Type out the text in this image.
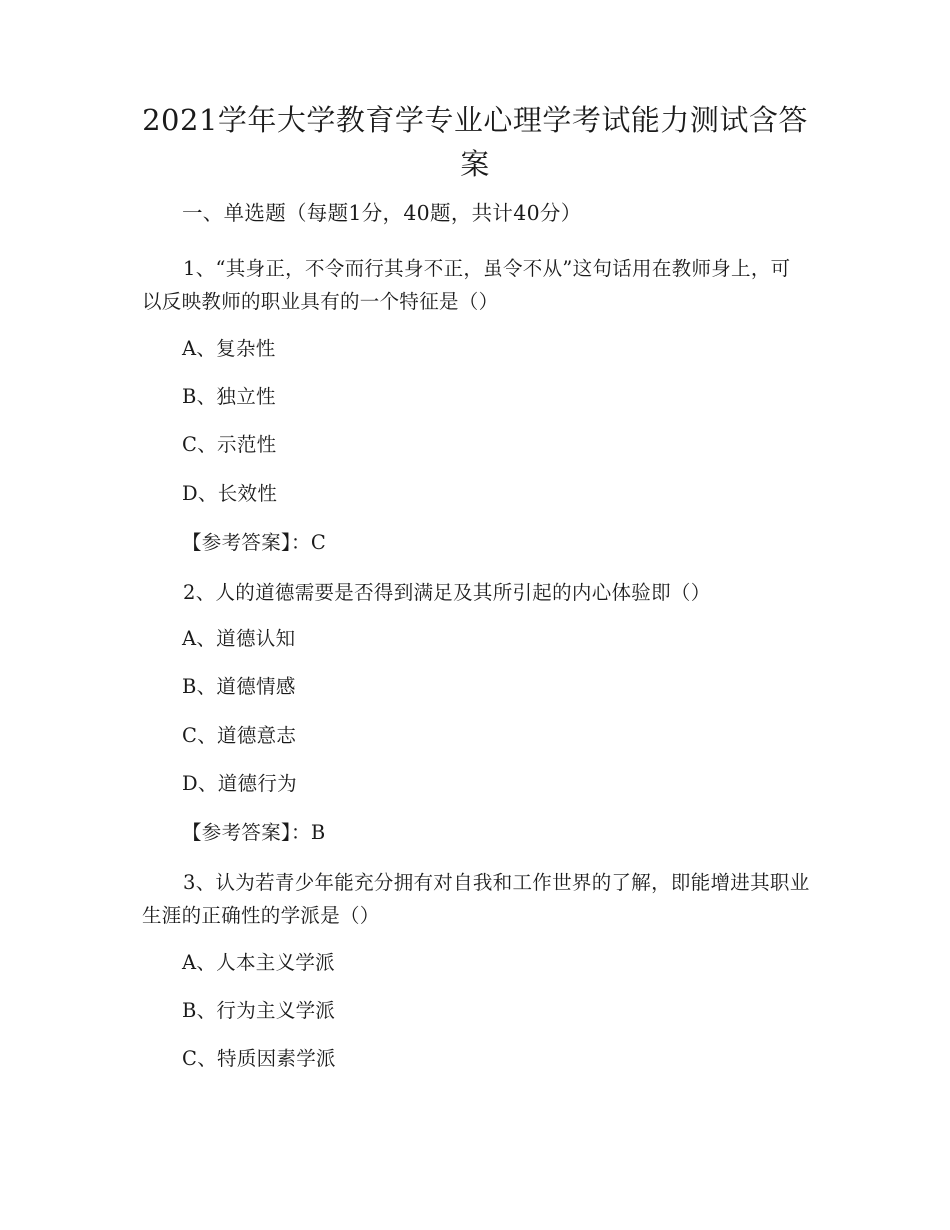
2021学年大学教育学专业心理学考试能力测试含答案
一、单选题（每题1分，40题，共计40分）
1、“其身正，不令而行其身不正，虽令不从”这句话用在教师身上，可以反映教师的职业具有的一个特征是（）
A、复杂性
B、独立性
C、示范性
D、长效性
【参考答案】：C
2、人的道德需要是否得到满足及其所引起的内心体验即（）
A、道德认知
B、道德情感
C、道德意志
D、道德行为
【参考答案】：B
3、认为若青少年能充分拥有对自我和工作世界的了解，即能增进其职业生涯的正确性的学派是（）
A、人本主义学派
B、行为主义学派
C、特质因素学派
